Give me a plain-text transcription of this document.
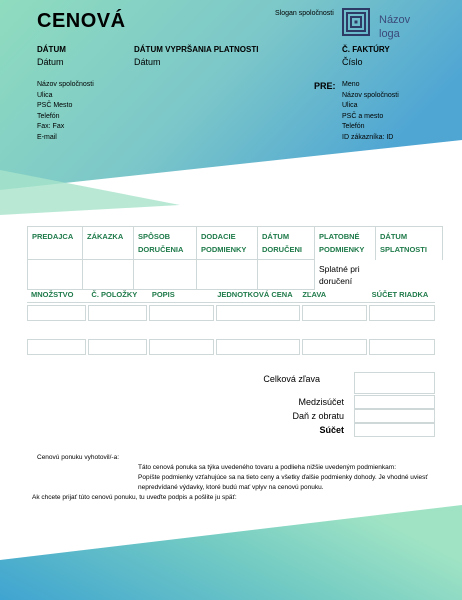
CENOVÁ	Slogan spoločnosti
Názov loga
DÁTUM
Dátum
DÁTUM VYPRŠANIA PLATNOSTI
Dátum
Č. FAKTÚRY
Číslo
Názov spoločnosti
Ulica
PSČ Mesto
Telefón
Fax: Fax
E-mail
PRE: Meno
Názov spoločnosti
Ulica
PSČ a mesto
Telefón
ID zákazníka: ID
PREDAJCA	ZÁKAZKA	SPÔSOB DORUČENIA	DODACIE PODMIENKY	DÁTUM DORUČENI	PLATOBNÉ PODMIENKY	DÁTUM SPLATNOSTI
					Splatné pri doručení	
MNOŽSTVO	Č. POLOŽKY	POPIS	JEDNOTKOVÁ CENA	ZĽAVA	SÚČET RIADKA
Celková zľava
Medzisúčet
Daň z obratu
Súčet
Cenovú ponuku vyhotovil/-a:
Táto cenová ponuka sa týka uvedeného tovaru a podlieha nižšie uvedeným podmienkam:
Popíšte podmienky vzťahujúce sa na tieto ceny a všetky ďalšie podmienky dohody. Je vhodné uviesť nepredvídané výdavky, ktoré budú mať vplyv na cenovú ponuku.
Ak chcete prijať túto cenovú ponuku, tu uveďte podpis a pošlite ju späť:
